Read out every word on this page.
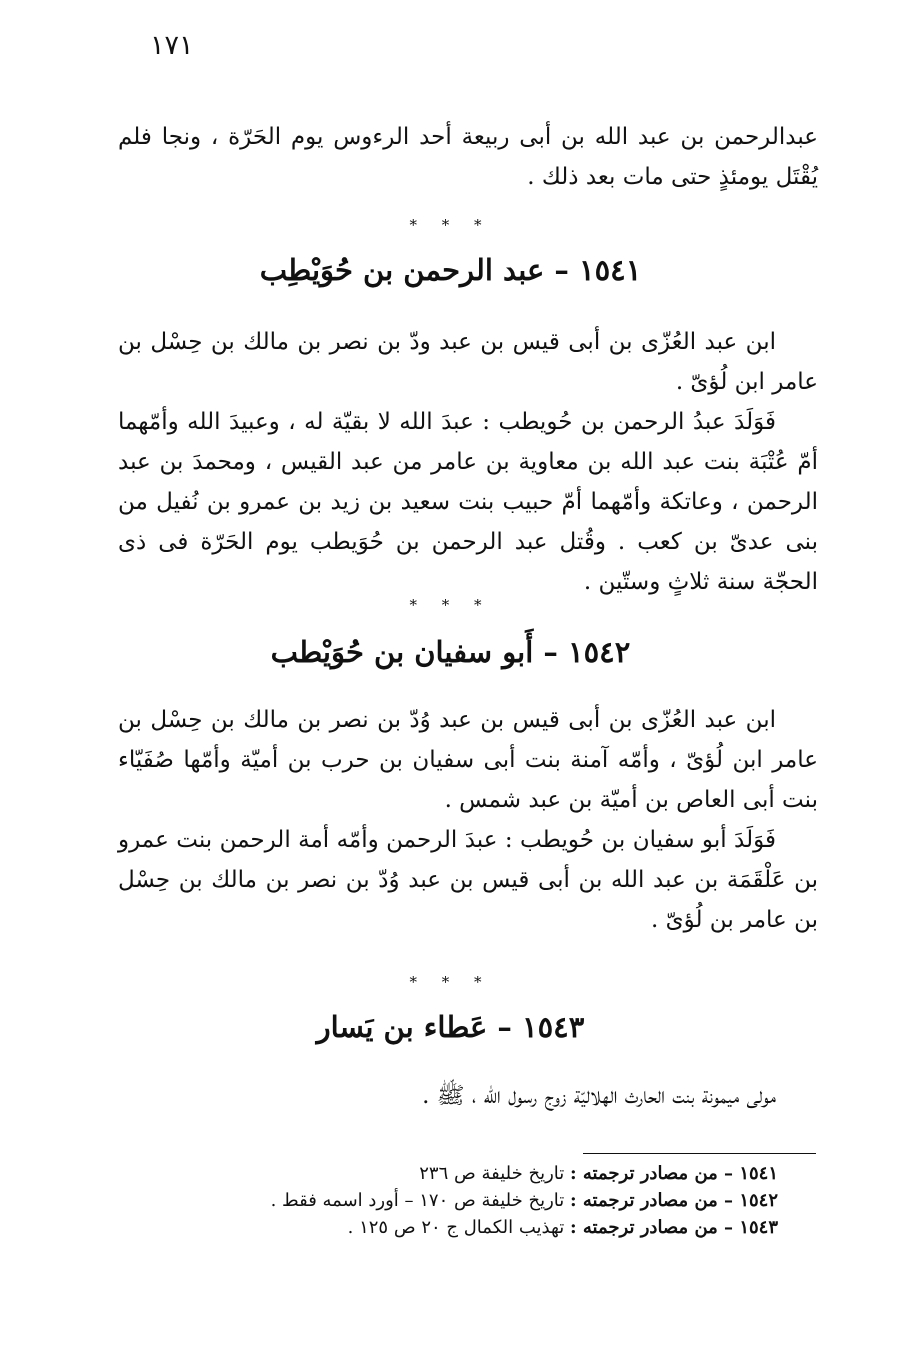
١٧١

عبدالرحمن بن عبد الله بن أبى ربيعة أحد الرءوس يوم الحَرّة ، ونجا فلم يُقْتَل يومئذٍ حتى مات بعد ذلك .

* * *
١٥٤١ – عبد الرحمن بن حُوَيْطِب

ابن عبد العُزّى بن أبى قيس بن عبد ودّ بن نصر بن مالك بن حِسْل بن عامر ابن لُؤىّ .

فَوَلَدَ عبدُ الرحمن بن حُويطب : عبدَ الله لا بقيّة له ، وعبيدَ الله وأمّهما أمّ عُتْبَة بنت عبد الله بن معاوية بن عامر من عبد القيس ، ومحمدَ بن عبد الرحمن ، وعاتكة وأمّهما أمّ حبيب بنت سعيد بن زيد بن عمرو بن نُفيل من بنى عدىّ بن كعب . وقُتل عبد الرحمن بن حُوَيطب يوم الحَرّة فى ذى الحجّة سنة ثلاثٍ وستّين .

* * *
١٥٤٢ – أَبو سفيان بن حُوَيْطب

ابن عبد العُزّى بن أبى قيس بن عبد وُدّ بن نصر بن مالك بن حِسْل بن عامر ابن لُؤىّ ، وأمّه آمنة بنت أبى سفيان بن حرب بن أميّة وأمّها صُفَيّاء بنت أبى العاص بن أميّة بن عبد شمس .

فَوَلَدَ أبو سفيان بن حُويطب : عبدَ الرحمن وأمّه أمة الرحمن بنت عمرو بن عَلْقَمَة بن عبد الله بن أبى قيس بن عبد وُدّ بن نصر بن مالك بن حِسْل بن عامر بن لُؤىّ .

* * *
١٥٤٣ – عَطاء بن يَسار

مولى ميمونة بنت الحارث الهلاليّة زوج رسول الله ، ﷺ .

١٥٤١ – من مصادر ترجمته : تاريخ خليفة ص ٢٣٦

١٥٤٢ – من مصادر ترجمته : تاريخ خليفة ص ١٧٠ – أورد اسمه فقط .

١٥٤٣ – من مصادر ترجمته : تهذيب الكمال ج ٢٠ ص ١٢٥ .
